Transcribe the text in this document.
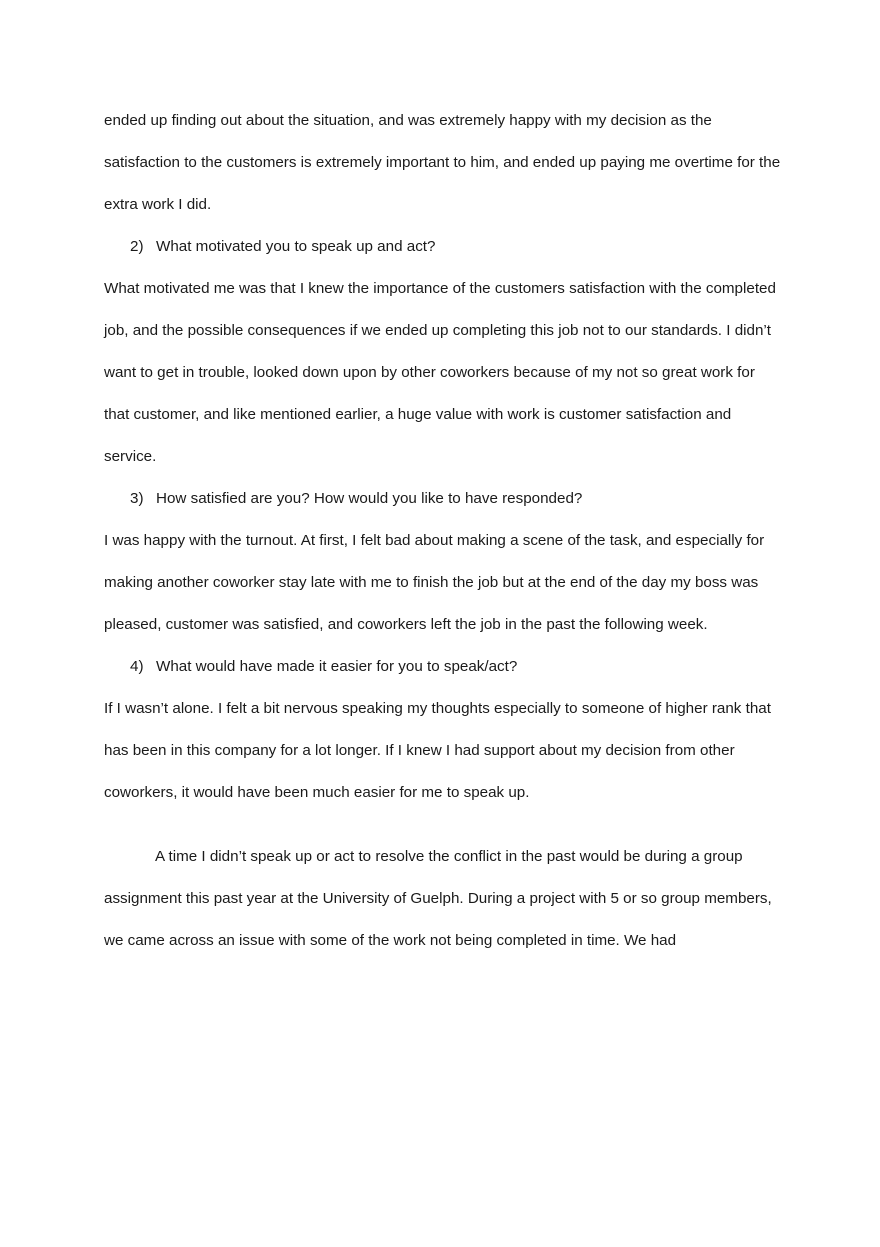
ended up finding out about the situation, and was extremely happy with my decision as the satisfaction to the customers is extremely important to him, and ended up paying me overtime for the extra work I did.

2) What motivated you to speak up and act?

What motivated me was that I knew the importance of the customers satisfaction with the completed job, and the possible consequences if we ended up completing this job not to our standards. I didn’t want to get in trouble, looked down upon by other coworkers because of my not so great work for that customer, and like mentioned earlier, a huge value with work is customer satisfaction and service.

3) How satisfied are you? How would you like to have responded?

I was happy with the turnout. At first, I felt bad about making a scene of the task, and especially for making another coworker stay late with me to finish the job but at the end of the day my boss was pleased, customer was satisfied, and coworkers left the job in the past the following week.

4) What would have made it easier for you to speak/act?

If I wasn’t alone. I felt a bit nervous speaking my thoughts especially to someone of higher rank that has been in this company for a lot longer. If I knew I had support about my decision from other coworkers, it would have been much easier for me to speak up.

A time I didn’t speak up or act to resolve the conflict in the past would be during a group assignment this past year at the University of Guelph. During a project with 5 or so group members, we came across an issue with some of the work not being completed in time. We had
